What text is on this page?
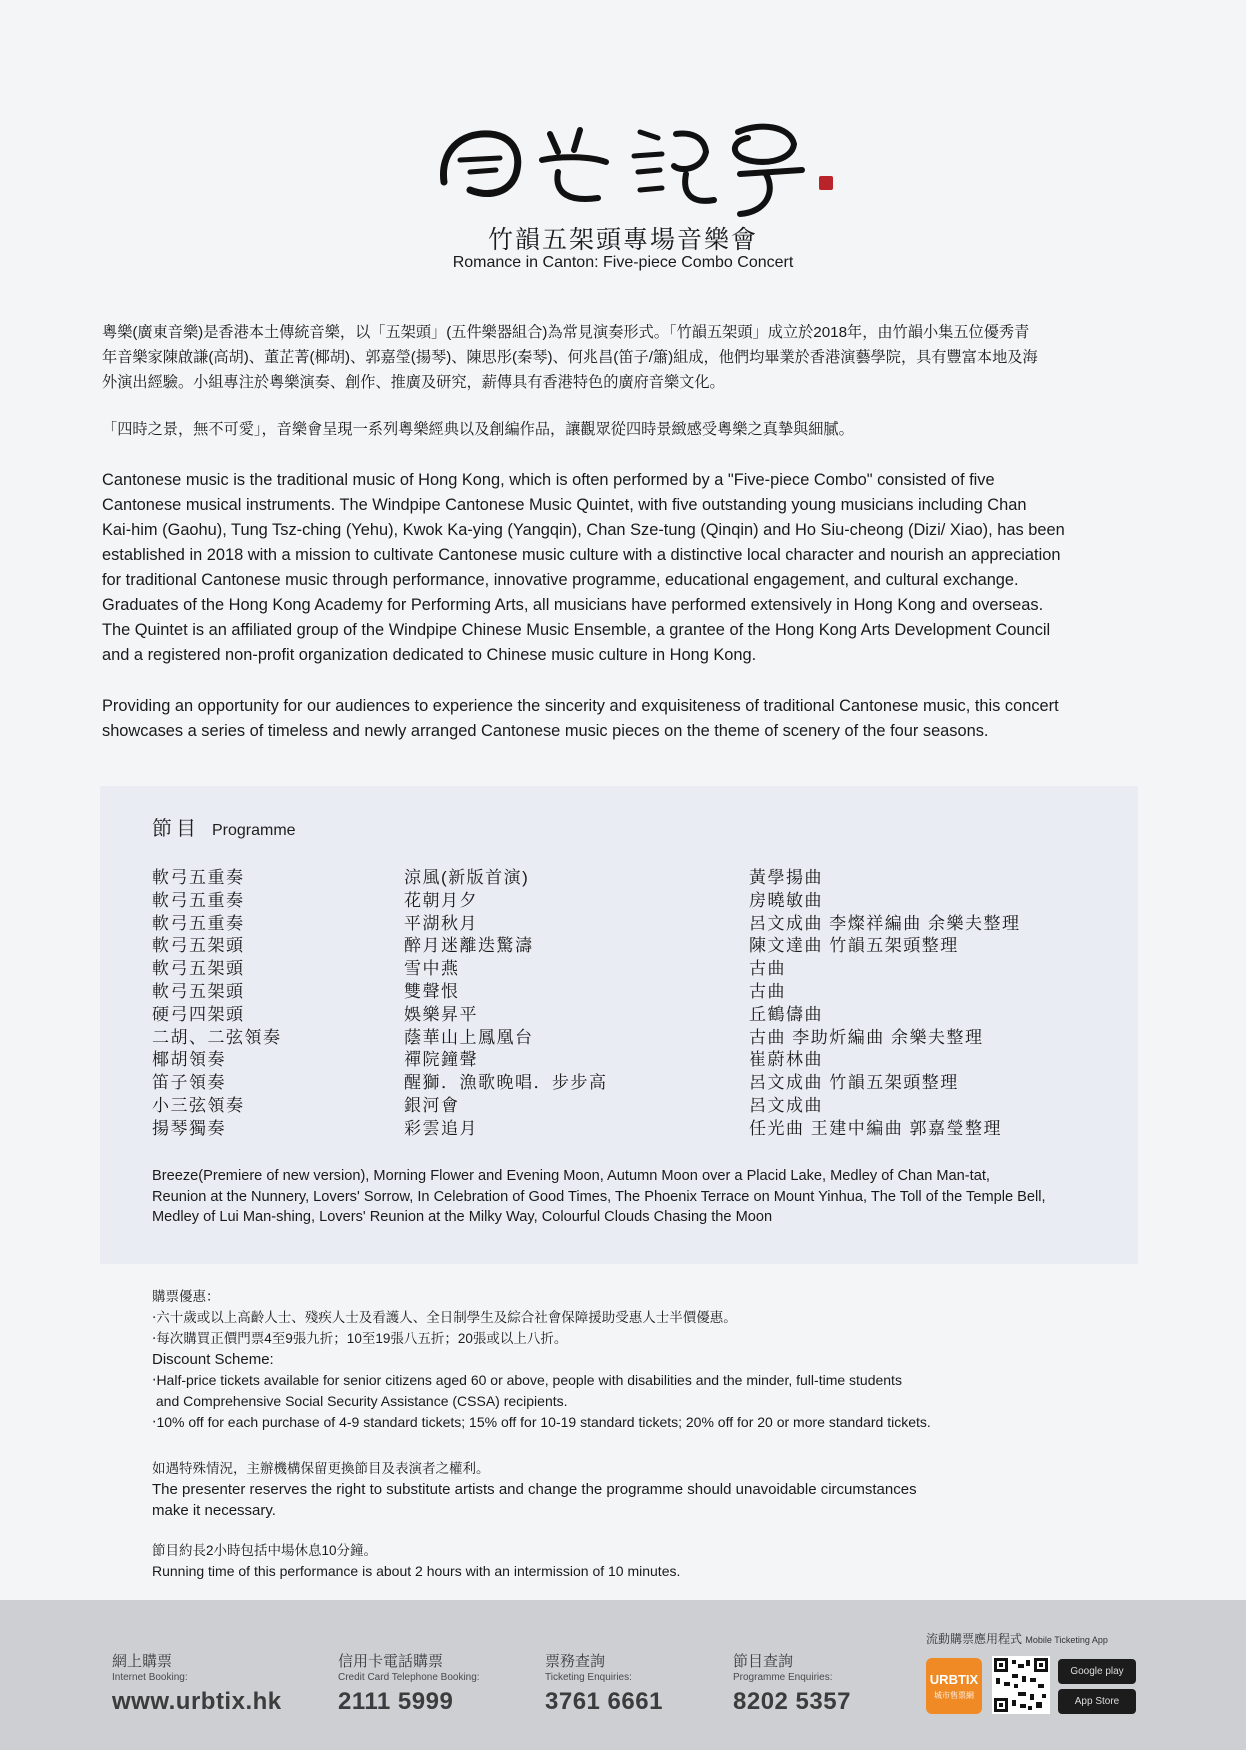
竹韻五架頭專場音樂會
Romance in Canton: Five-piece Combo Concert
粵樂(廣東音樂)是香港本土傳統音樂，以「五架頭」(五件樂器組合)為常見演奏形式。「竹韻五架頭」成立於2018年，由竹韻小集五位優秀青
年音樂家陳啟謙(高胡)、董芷菁(椰胡)、郭嘉瑩(揚琴)、陳思彤(秦琴)、何兆昌(笛子/簫)組成，他們均畢業於香港演藝學院，具有豐富本地及海
外演出經驗。小組專注於粵樂演奏、創作、推廣及研究，薪傳具有香港特色的廣府音樂文化。
「四時之景，無不可愛」，音樂會呈現一系列粵樂經典以及創編作品，讓觀眾從四時景緻感受粵樂之真摯與細膩。
Cantonese music is the traditional music of Hong Kong, which is often performed by a "Five-piece Combo" consisted of five
Cantonese musical instruments. The Windpipe Cantonese Music Quintet, with five outstanding young musicians including Chan
Kai-him (Gaohu), Tung Tsz-ching (Yehu), Kwok Ka-ying (Yangqin), Chan Sze-tung (Qinqin) and Ho Siu-cheong (Dizi/ Xiao), has been
established in 2018 with a mission to cultivate Cantonese music culture with a distinctive local character and nourish an appreciation
for traditional Cantonese music through performance, innovative programme, educational engagement, and cultural exchange.
Graduates of the Hong Kong Academy for Performing Arts, all musicians have performed extensively in Hong Kong and overseas.
The Quintet is an affiliated group of the Windpipe Chinese Music Ensemble, a grantee of the Hong Kong Arts Development Council
and a registered non-profit organization dedicated to Chinese music culture in Hong Kong.
Providing an opportunity for our audiences to experience the sincerity and exquisiteness of traditional Cantonese music, this concert
showcases a series of timeless and newly arranged Cantonese music pieces on the theme of scenery of the four seasons.
節目 Programme
軟弓五重奏	涼風(新版首演)	黃學揚曲
軟弓五重奏	花朝月夕	房曉敏曲
軟弓五重奏	平湖秋月	呂文成曲 李燦祥編曲 余樂夫整理
軟弓五架頭	醉月迷離迭驚濤	陳文達曲 竹韻五架頭整理
軟弓五架頭	雪中燕	古曲
軟弓五架頭	雙聲恨	古曲
硬弓四架頭	娛樂昇平	丘鶴儔曲
二胡、二弦領奏	蔭華山上鳳凰台	古曲 李助炘編曲 余樂夫整理
椰胡領奏	禪院鐘聲	崔蔚林曲
笛子領奏	醒獅．漁歌晚唱．步步高	呂文成曲 竹韻五架頭整理
小三弦領奏	銀河會	呂文成曲
揚琴獨奏	彩雲追月	任光曲 王建中編曲 郭嘉瑩整理
Breeze(Premiere of new version), Morning Flower and Evening Moon, Autumn Moon over a Placid Lake, Medley of Chan Man-tat,
Reunion at the Nunnery, Lovers' Sorrow, In Celebration of Good Times, The Phoenix Terrace on Mount Yinhua, The Toll of the Temple Bell,
Medley of Lui Man-shing, Lovers' Reunion at the Milky Way, Colourful Clouds Chasing the Moon
購票優惠：
‧六十歲或以上高齡人士、殘疾人士及看護人、全日制學生及綜合社會保障援助受惠人士半價優惠。
‧每次購買正價門票4至9張九折；10至19張八五折；20張或以上八折。
Discount Scheme:
‧Half-price tickets available for senior citizens aged 60 or above, people with disabilities and the minder, full-time students
and Comprehensive Social Security Assistance (CSSA) recipients.
‧10% off for each purchase of 4-9 standard tickets; 15% off for 10-19 standard tickets; 20% off for 20 or more standard tickets.
如遇特殊情況，主辦機構保留更換節目及表演者之權利。
The presenter reserves the right to substitute artists and change the programme should unavoidable circumstances
make it necessary.
節目約長2小時包括中場休息10分鐘。
Running time of this performance is about 2 hours with an intermission of 10 minutes.
網上購票
Internet Booking:
www.urbtix.hk
信用卡電話購票
Credit Card Telephone Booking:
2111 5999
票務查詢
Ticketing Enquiries:
3761 6661
節目查詢
Programme Enquiries:
8202 5357
流動購票應用程式 Mobile Ticketing App
URBTIX
城市售票網
Google play
App Store
